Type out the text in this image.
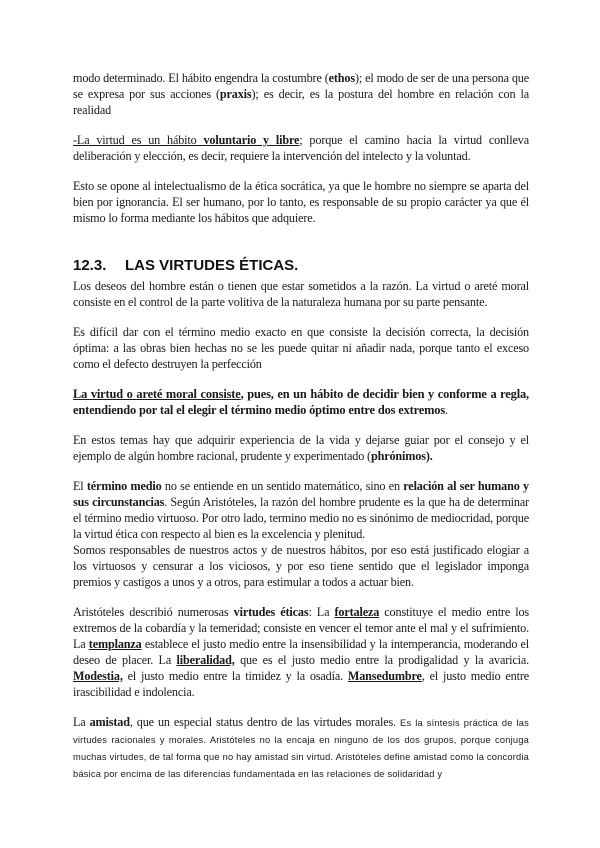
modo determinado. El hábito engendra la costumbre (ethos); el modo de ser de una persona que se expresa por sus acciones (praxis); es decir, es la postura del hombre en relación con la realidad

-La virtud es un hábito voluntario y libre; porque el camino hacia la virtud conlleva deliberación y elección, es decir, requiere la intervención del intelecto y la voluntad.

Esto se opone al intelectualismo de la ética socrática, ya que le hombre no siempre se aparta del bien por ignorancia. El ser humano, por lo tanto, es responsable de su propio carácter ya que él mismo lo forma mediante los hábitos que adquiere.

12.3. LAS VIRTUDES ÉTICAS.

Los deseos del hombre están o tienen que estar sometidos a la razón. La virtud o areté moral consiste en el control de la parte volitiva de la naturaleza humana por su parte pensante.

Es difícil dar con el término medio exacto en que consiste la decisión correcta, la decisión óptima: a las obras bien hechas no se les puede quitar ni añadir nada, porque tanto el exceso como el defecto destruyen la perfección

La virtud o areté moral consiste, pues, en un hábito de decidir bien y conforme a regla, entendiendo por tal el elegir el término medio óptimo entre dos extremos.

En estos temas hay que adquirir experiencia de la vida y dejarse guiar por el consejo y el ejemplo de algún hombre racional, prudente y experimentado (phrónimos).

El término medio no se entiende en un sentido matemático, sino en relación al ser humano y sus circunstancias. Según Aristóteles, la razón del hombre prudente es la que ha de determinar el término medio virtuoso. Por otro lado, termino medio no es sinónimo de mediocridad, porque la virtud ética con respecto al bien es la excelencia y plenitud.

Somos responsables de nuestros actos y de nuestros hábitos, por eso está justificado elogiar a los virtuosos y censurar a los viciosos, y por eso tiene sentido que el legislador imponga premios y castigos a unos y a otros, para estimular a todos a actuar bien.

Aristóteles describió numerosas virtudes éticas: La fortaleza constituye el medio entre los extremos de la cobardía y la temeridad; consiste en vencer el temor ante el mal y el sufrimiento. La templanza establece el justo medio entre la insensibilidad y la intemperancia, moderando el deseo de placer. La liberalidad, que es el justo medio entre la prodigalidad y la avaricia. Modestia, el justo medio entre la timidez y la osadía. Mansedumbre, el justo medio entre irascibilidad e indolencia.

La amistad, que un especial status dentro de las virtudes morales. Es la síntesis práctica de las virtudes racionales y morales. Aristóteles no la encaja en ninguno de los dos grupos, porque conjuga muchas virtudes, de tal forma que no hay amistad sin virtud. Aristóteles define amistad como la concordia básica por encima de las diferencias fundamentada en las relaciones de solidaridad y
